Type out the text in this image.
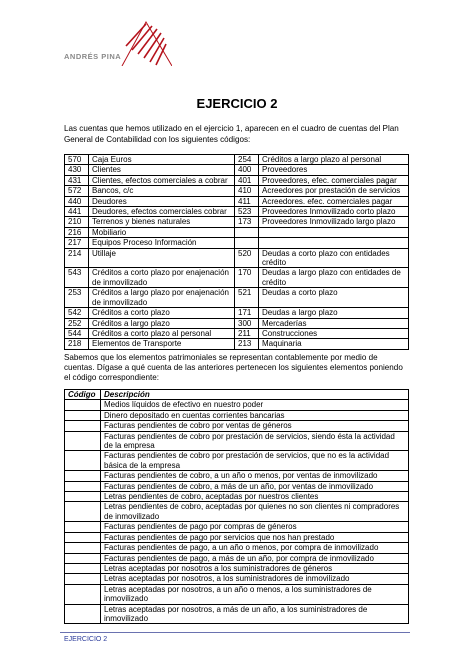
ANDRÉS PINA
EJERCICIO 2
Las cuentas que hemos utilizado en el ejercicio 1, aparecen en el cuadro de cuentas del Plan General de Contabilidad con los siguientes códigos:
570	Caja Euros	254	Créditos a largo plazo al personal
430	Clientes	400	Proveedores
431	Clientes, efectos comerciales a cobrar	401	Proveedores, efec. comerciales pagar
572	Bancos, c/c	410	Acreedores por prestación de servicios
440	Deudores	411	Acreedores. efec. comerciales pagar
441	Deudores, efectos comerciales cobrar	523	Proveedores Inmovilizado corto plazo
210	Terrenos y bienes naturales	173	Proveedores Inmovilizado largo plazo
216	Mobiliario		
217	Equipos Proceso Información		
214	Utillaje	520	Deudas a corto plazo con entidades crédito
543	Créditos a corto plazo por enajenación de inmovilizado	170	Deudas a largo plazo con entidades de crédito
253	Créditos a largo plazo por enajenación de inmovilizado	521	Deudas a corto plazo
542	Créditos a corto plazo	171	Deudas a largo plazo
252	Créditos a largo plazo	300	Mercaderías
544	Créditos a corto plazo al personal	211	Construcciones
218	Elementos de Transporte	213	Maquinaria
Sabemos que los elementos patrimoniales se representan contablemente por medio de cuentas. Dígase a qué cuenta de las anteriores pertenecen los siguientes elementos poniendo el código correspondiente:
Código	Descripción
	Medios líquidos de efectivo en nuestro poder
	Dinero depositado en cuentas corrientes bancarias
	Facturas pendientes de cobro por ventas de géneros
	Facturas pendientes de cobro por prestación de servicios, siendo ésta la actividad de la empresa
	Facturas pendientes de cobro por prestación de servicios, que no es la actividad básica de la empresa
	Facturas pendientes de cobro, a un año o menos, por ventas de inmovilizado
	Facturas pendientes de cobro, a más de un año, por ventas de inmovilizado
	Letras pendientes de cobro, aceptadas por nuestros clientes
	Letras pendientes de cobro, aceptadas por quienes no son clientes ni compradores de inmovilizado
	Facturas pendientes de pago por compras de géneros
	Facturas pendientes de pago por servicios que nos han prestado
	Facturas pendientes de pago, a un año o menos, por compra de inmovilizado
	Facturas pendientes de pago, a más de un año, por compra de inmovilizado
	Letras aceptadas por nosotros a los suministradores de géneros
	Letras aceptadas por nosotros, a los suministradores de inmovilizado
	Letras aceptadas por nosotros, a un año o menos, a los suministradores de inmovilizado
	Letras aceptadas por nosotros, a más de un año, a los suministradores de inmovilizado
EJERCICIO 2
